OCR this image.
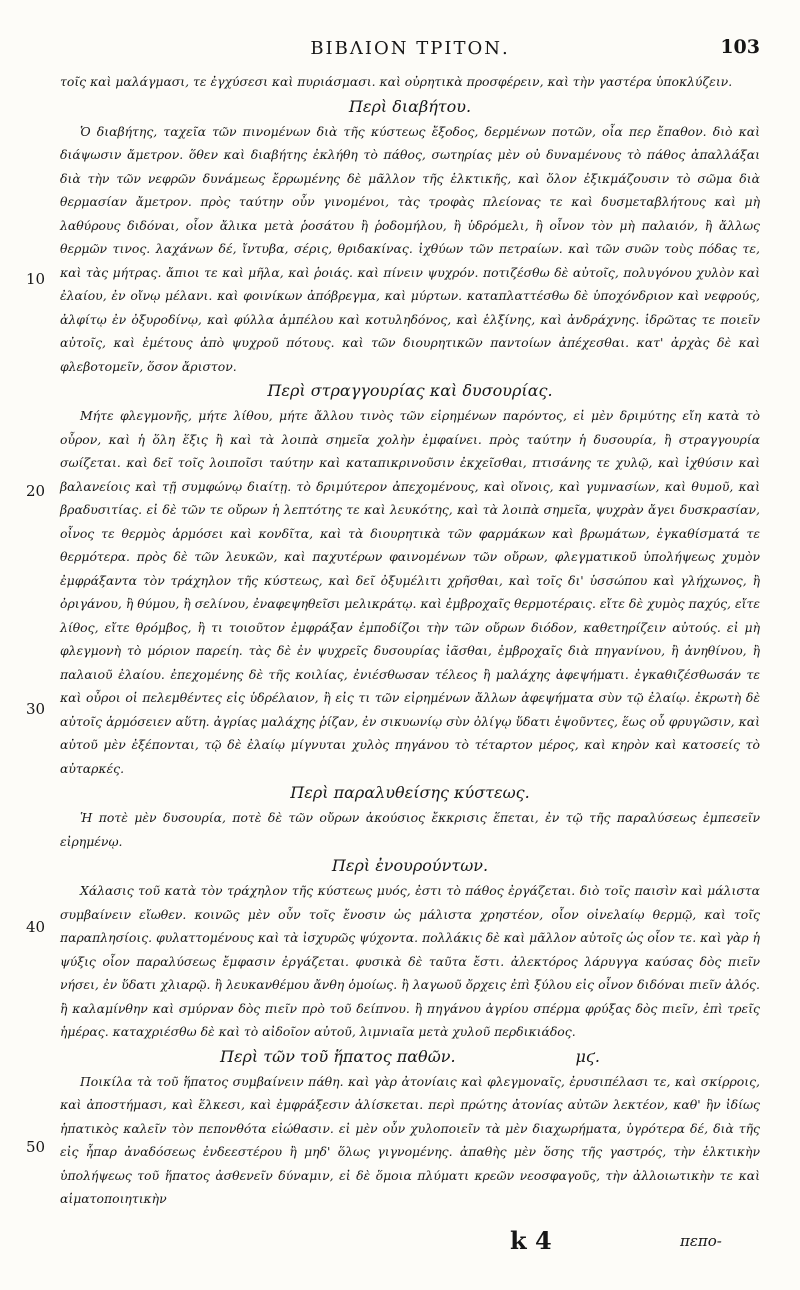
ΒΙΒΛΙΟΝ ΤΡΙΤΟΝ.	103

τοῖς καὶ μαλάγμασι, τε ἐγχύσεσι καὶ πυριάσμασι. καὶ οὐρητικὰ προσφέρειν, καὶ τὴν γαστέρα ὑποκλύζειν.

Περὶ διαβήτου.

Ὁ διαβήτης, ταχεῖα τῶν πινομένων διὰ τῆς κύστεως ἔξοδος, δερμένων ποτῶν, οἶα περ ἔπαθον. διὸ καὶ διάψωσιν ἄμετρον. ὅθεν καὶ διαβήτης ἐκλήθη τὸ πάθος, σωτηρίας μὲν οὐ δυναμένους τὸ πάθος ἀπαλλάξαι διὰ τὴν τῶν νεφρῶν δυνάμεως ἔρρωμένης δὲ μᾶλλον τῆς ἑλκτικῆς, καὶ ὅλον ἐξικμάζουσιν τὸ σῶμα διὰ θερμασίαν ἄμετρον. πρὸς ταύτην οὖν γινομένοι, τὰς τροφὰς πλείονας τε καὶ δυσμεταβλήτους καὶ μὴ λαθύρους διδόναι, οἷον ἄλικα μετὰ ῥοσάτου ἢ ῥοδομήλου, ἢ ὑδρόμελι, ἢ οἶνον τὸν μὴ παλαιόν, ἢ ἄλλως θερμῶν τινος. λαχάνων δέ, ἴντυβα, σέρις, θριδακίνας. ἰχθύων τῶν πετραίων. καὶ τῶν συῶν τοὺς πόδας τε, καὶ τὰς μήτρας. ἄπιοι τε καὶ μῆλα, καὶ ῥοιάς. καὶ πίνειν ψυχρόν. ποτιζέσθω δὲ αὐτοῖς, πολυγόνου χυλὸν καὶ ἐλαίου, ἐν οἴνῳ μέλανι. καὶ φοινίκων ἀπόβρεγμα, καὶ μύρτων. καταπλαττέσθω δὲ ὑποχόνδριον καὶ νεφρούς, ἀλφίτῳ ἐν ὀξυροδίνῳ, καὶ φύλλα ἀμπέλου καὶ κοτυληδόνος, καὶ ἑλξίνης, καὶ ἀνδράχνης. ἱδρῶτας τε ποιεῖν αὐτοῖς, καὶ ἐμέτους ἀπὸ ψυχροῦ πότους. καὶ τῶν διουρητικῶν παντοίων ἀπέχεσθαι. κατ' ἀρχὰς δὲ καὶ φλεβοτομεῖν, ὅσον ἄριστον.

Περὶ στραγγουρίας καὶ δυσουρίας.

Μήτε φλεγμονῆς, μήτε λίθου, μήτε ἄλλου τινὸς τῶν εἰρημένων παρόντος, εἰ μὲν δριμύτης εἴη κατὰ τὸ οὖρον, καὶ ἡ ὅλη ἕξις ἢ καὶ τὰ λοιπὰ σημεῖα χολὴν ἐμφαίνει. πρὸς ταύτην ἡ δυσουρία, ἢ στραγγουρία σωίζεται. καὶ δεῖ τοῖς λοιποῖσι ταύτην καὶ καταπικρινοῦσιν ἐκχεῖσθαι, πτισάνης τε χυλῷ, καὶ ἰχθύσιν καὶ βαλανείοις καὶ τῇ συμφώνῳ διαίτῃ. τὸ δριμύτερον ἀπεχομένους, καὶ οἴνοις, καὶ γυμνασίων, καὶ θυμοῦ, καὶ βραδυσιτίας. εἰ δὲ τῶν τε οὔρων ἡ λεπτότης τε καὶ λευκότης, καὶ τὰ λοιπὰ σημεῖα, ψυχρὰν ἄγει δυσκρασίαν, οἶνος τε θερμὸς ἁρμόσει καὶ κονδῖτα, καὶ τὰ διουρητικὰ τῶν φαρμάκων καὶ βρωμάτων, ἐγκαθίσματά τε θερμότερα. πρὸς δὲ τῶν λευκῶν, καὶ παχυτέρων φαινομένων τῶν οὔρων, φλεγματικοῦ ὑπολήψεως χυμὸν ἐμφράξαντα τὸν τράχηλον τῆς κύστεως, καὶ δεῖ ὀξυμέλιτι χρῆσθαι, καὶ τοῖς δι' ὑσσώπου καὶ γλήχωνος, ἢ ὀριγάνου, ἢ θύμου, ἢ σελίνου, ἐναφεψηθεῖσι μελικράτῳ. καὶ ἐμβροχαῖς θερμοτέραις. εἴτε δὲ χυμὸς παχύς, εἴτε λίθος, εἴτε θρόμβος, ἢ τι τοιοῦτον ἐμφράξαν ἐμποδίζοι τὴν τῶν οὔρων διόδον, καθετηρίζειν αὐτούς. εἰ μὴ φλεγμονὴ τὸ μόριον παρείη. τὰς δὲ ἐν ψυχρεῖς δυσουρίας ἰᾶσθαι, ἐμβροχαῖς διὰ πηγανίνου, ἢ ἀνηθίνου, ἢ παλαιοῦ ἐλαίου. ἐπεχομένης δὲ τῆς κοιλίας, ἐνιέσθωσαν τέλεος ἢ μαλάχης ἀφεψήματι. ἐγκαθιζέσθωσάν τε καὶ οὖροι οἱ πελεμθέντες εἰς ὑδρέλαιον, ἢ εἰς τι τῶν εἰρημένων ἄλλων ἀφεψήματα σὺν τῷ ἐλαίῳ. ἐκρωτὴ δὲ αὐτοῖς ἁρμόσειεν αὕτη. ἀγρίας μαλάχης ῥίζαν, ἐν σικυωνίῳ σὺν ὀλίγῳ ὕδατι ἑψοῦντες, ἕως οὗ φρυγῶσιν, καὶ αὐτοῦ μὲν ἐξέπονται, τῷ δὲ ἐλαίῳ μίγνυται χυλὸς πηγάνου τὸ τέταρτον μέρος, καὶ κηρὸν καὶ κατοσείς τὸ αὐταρκές.

Περὶ παραλυθείσης κύστεως.

Ἡ ποτὲ μὲν δυσουρία, ποτὲ δὲ τῶν οὔρων ἀκούσιος ἔκκρισις ἕπεται, ἐν τῷ τῆς παραλύσεως ἐμπεσεῖν εἰρημένῳ.

Περὶ ἐνουρούντων.

Χάλασις τοῦ κατὰ τὸν τράχηλον τῆς κύστεως μυός, ἐστι τὸ πάθος ἐργάζεται. διὸ τοῖς παισὶν καὶ μάλιστα συμβαίνειν εἴωθεν. κοινῶς μὲν οὖν τοῖς ἔνοσιν ὡς μάλιστα χρηστέον, οἷον οἰνελαίῳ θερμῷ, καὶ τοῖς παραπλησίοις. φυλαττομένους καὶ τὰ ἰσχυρῶς ψύχοντα. πολλάκις δὲ καὶ μᾶλλον αὐτοῖς ὡς οἷον τε. καὶ γὰρ ἡ ψύξις οἷον παραλύσεως ἔμφασιν ἐργάζεται. φυσικὰ δὲ ταῦτα ἔστι. ἀλεκτόρος λάρυγγα καύσας δὸς πιεῖν νήσει, ἐν ὕδατι χλιαρῷ. ἢ λευκανθέμου ἄνθη ὁμοίως. ἢ λαγωοῦ ὄρχεις ἐπὶ ξύλου εἰς οἶνον διδόναι πιεῖν ἀλός. ἢ καλαμίνθην καὶ σμύρναν δὸς πιεῖν πρὸ τοῦ δείπνου. ἢ πηγάνου ἀγρίου σπέρμα φρύξας δὸς πιεῖν, ἐπὶ τρεῖς ἡμέρας. καταχριέσθω δὲ καὶ τὸ αἰδοῖον αὐτοῦ, λιμνιαῖα μετὰ χυλοῦ περδικιάδος.

Περὶ τῶν τοῦ ἥπατος παθῶν.	μϛ.

Ποικίλα τὰ τοῦ ἥπατος συμβαίνειν πάθη. καὶ γὰρ ἀτονίαις καὶ φλεγμοναῖς, ἐρυσιπέλασι τε, καὶ σκίρροις, καὶ ἀποστήμασι, καὶ ἕλκεσι, καὶ ἐμφράξεσιν ἁλίσκεται. περὶ πρώτης ἀτονίας αὐτῶν λεκτέον, καθ' ἣν ἰδίως ἡπατικὸς καλεῖν τὸν πεπονθότα εἰώθασιν. εἰ μὲν οὖν χυλοποιεῖν τὰ μὲν διαχωρήματα, ὑγρότερα δέ, διὰ τῆς εἰς ἧπαρ ἀναδόσεως ἐνδεεστέρου ἢ μηδ' ὅλως γιγνομένης. ἀπαθὴς μὲν ὅσης τῆς γαστρός, τὴν ἑλκτικὴν ὑπολήψεως τοῦ ἥπατος ἀσθενεῖν δύναμιν, εἰ δὲ ὅμοια πλύματι κρεῶν νεοσφαγοῦς, τὴν ἀλλοιωτικὴν τε καὶ αἱματοποιητικὴν

10
20
30
40
50
k 4	πεπο-
